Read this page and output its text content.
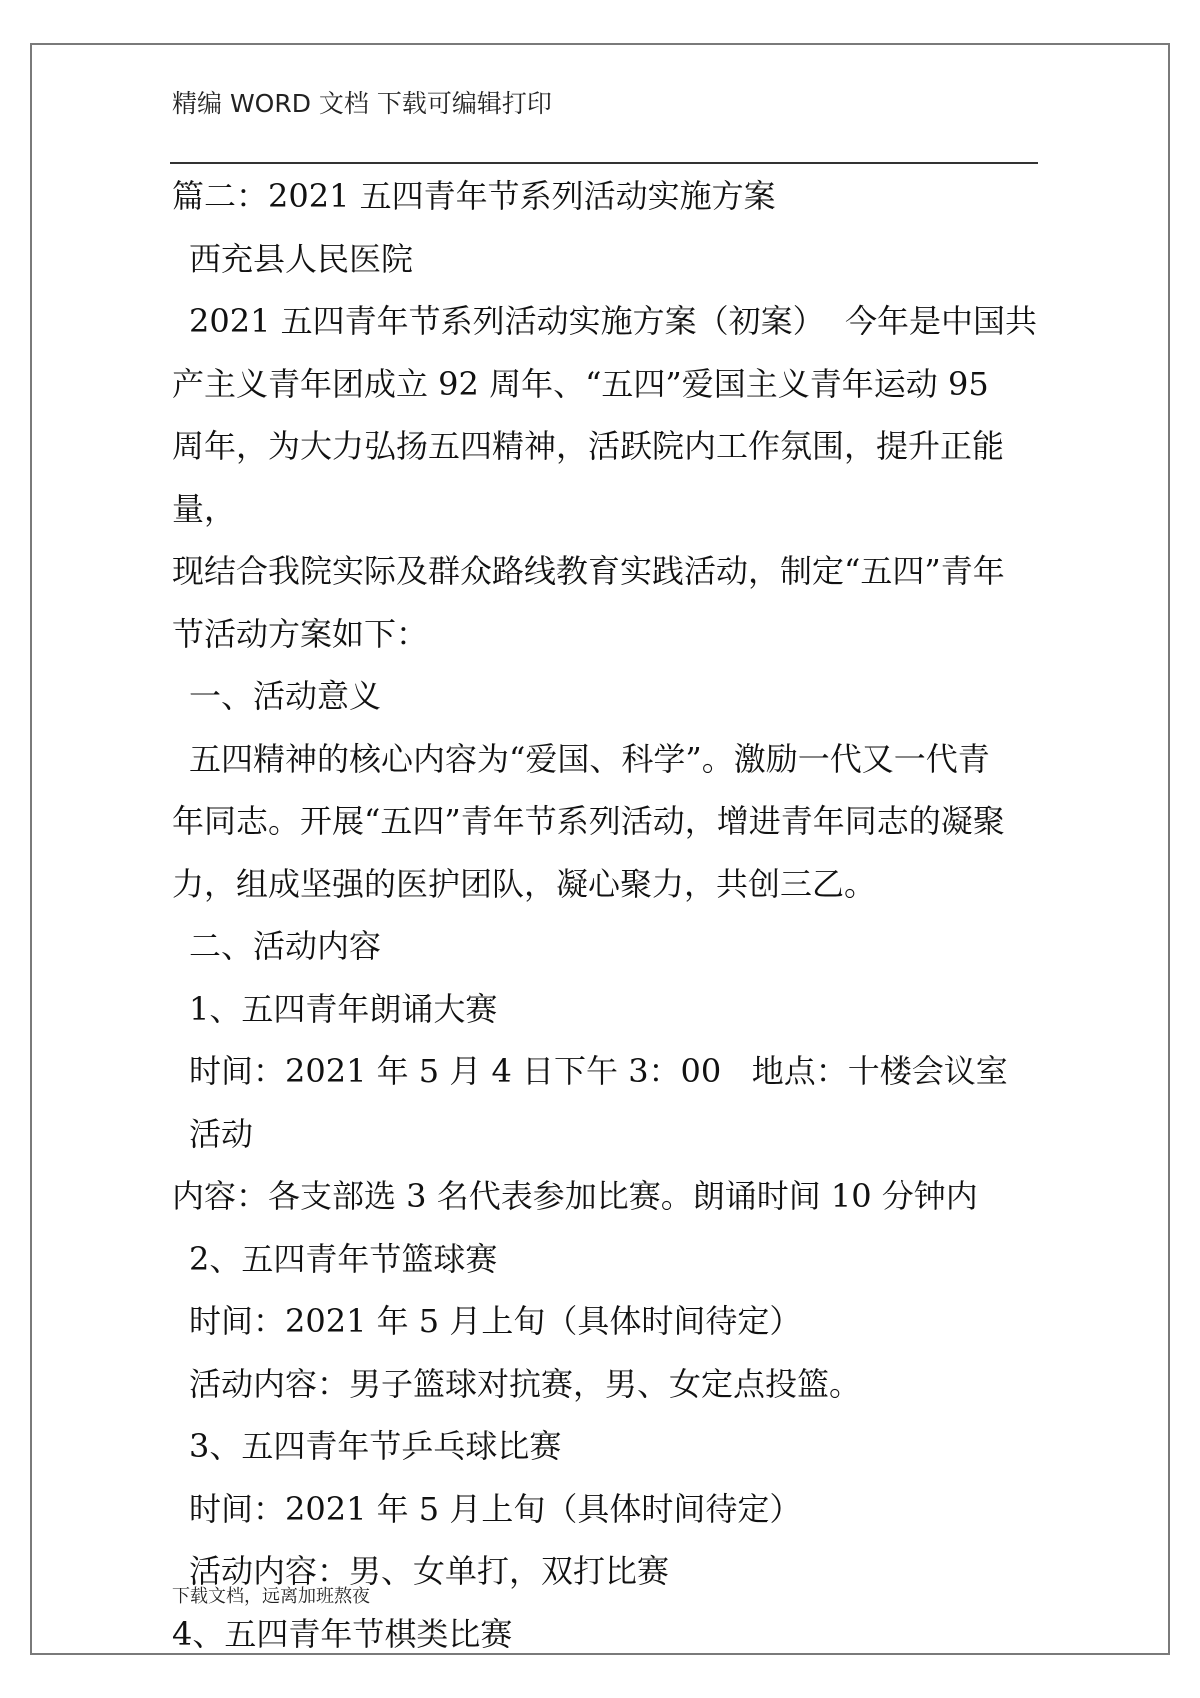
精编 WORD 文档 下载可编辑打印

篇二：2021 五四青年节系列活动实施方案

西充县人民医院

2021 五四青年节系列活动实施方案（初案）  今年是中国共

产主义青年团成立 92 周年、“五四”爱国主义青年运动 95

周年，为大力弘扬五四精神，活跃院内工作氛围，提升正能量，

现结合我院实际及群众路线教育实践活动，制定“五四”青年

节活动方案如下：

一、活动意义

五四精神的核心内容为“爱国、科学”。激励一代又一代青

年同志。开展“五四”青年节系列活动，增进青年同志的凝聚

力，组成坚强的医护团队，凝心聚力，共创三乙。

二、活动内容

1、五四青年朗诵大赛

时间：2021 年 5 月 4 日下午 3：00   地点：十楼会议室  活动

内容：各支部选 3 名代表参加比赛。朗诵时间 10 分钟内

2、五四青年节篮球赛

时间：2021 年 5 月上旬（具体时间待定）

活动内容：男子篮球对抗赛，男、女定点投篮。

3、五四青年节乒乓球比赛

时间：2021 年 5 月上旬（具体时间待定）

活动内容：男、女单打，双打比赛

4、五四青年节棋类比赛

下载文档，远离加班熬夜
